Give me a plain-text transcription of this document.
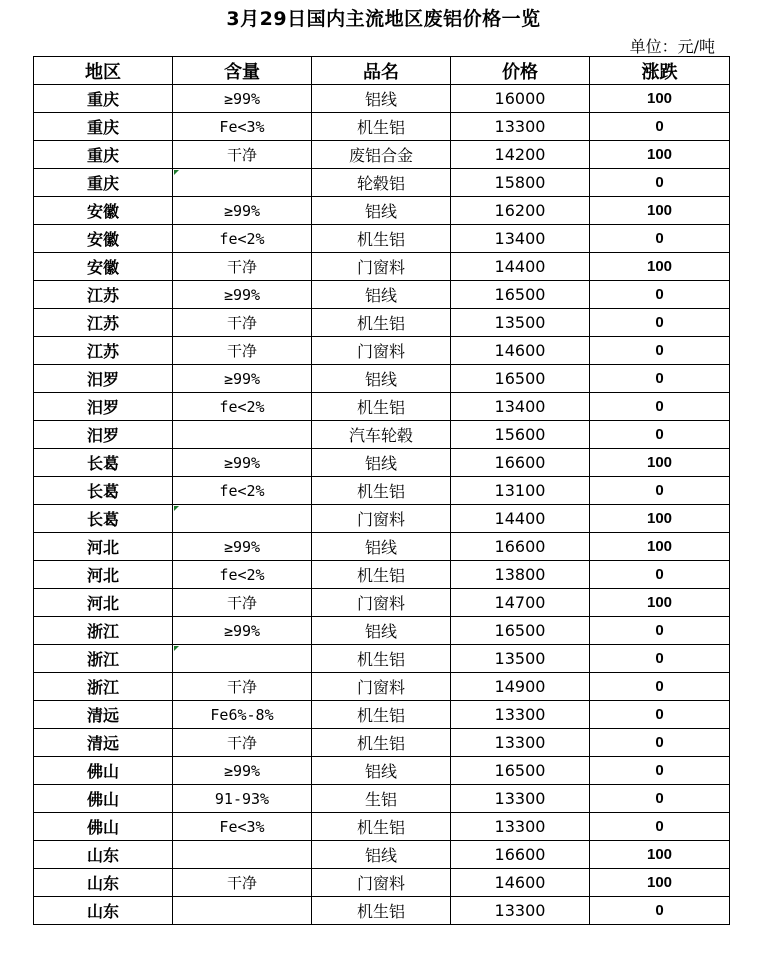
3月29日国内主流地区废铝价格一览
单位：元/吨
地区	含量	品名	价格	涨跌
重庆	≥99%	铝线	16000	100
重庆	Fe<3%	机生铝	13300	0
重庆	干净	废铝合金	14200	100
重庆		轮毂铝	15800	0
安徽	≥99%	铝线	16200	100
安徽	fe<2%	机生铝	13400	0
安徽	干净	门窗料	14400	100
江苏	≥99%	铝线	16500	0
江苏	干净	机生铝	13500	0
江苏	干净	门窗料	14600	0
汨罗	≥99%	铝线	16500	0
汨罗	fe<2%	机生铝	13400	0
汨罗		汽车轮毂	15600	0
长葛	≥99%	铝线	16600	100
长葛	fe<2%	机生铝	13100	0
长葛		门窗料	14400	100
河北	≥99%	铝线	16600	100
河北	fe<2%	机生铝	13800	0
河北	干净	门窗料	14700	100
浙江	≥99%	铝线	16500	0
浙江		机生铝	13500	0
浙江	干净	门窗料	14900	0
清远	Fe6%-8%	机生铝	13300	0
清远	干净	机生铝	13300	0
佛山	≥99%	铝线	16500	0
佛山	91-93%	生铝	13300	0
佛山	Fe<3%	机生铝	13300	0
山东		铝线	16600	100
山东	干净	门窗料	14600	100
山东		机生铝	13300	0
